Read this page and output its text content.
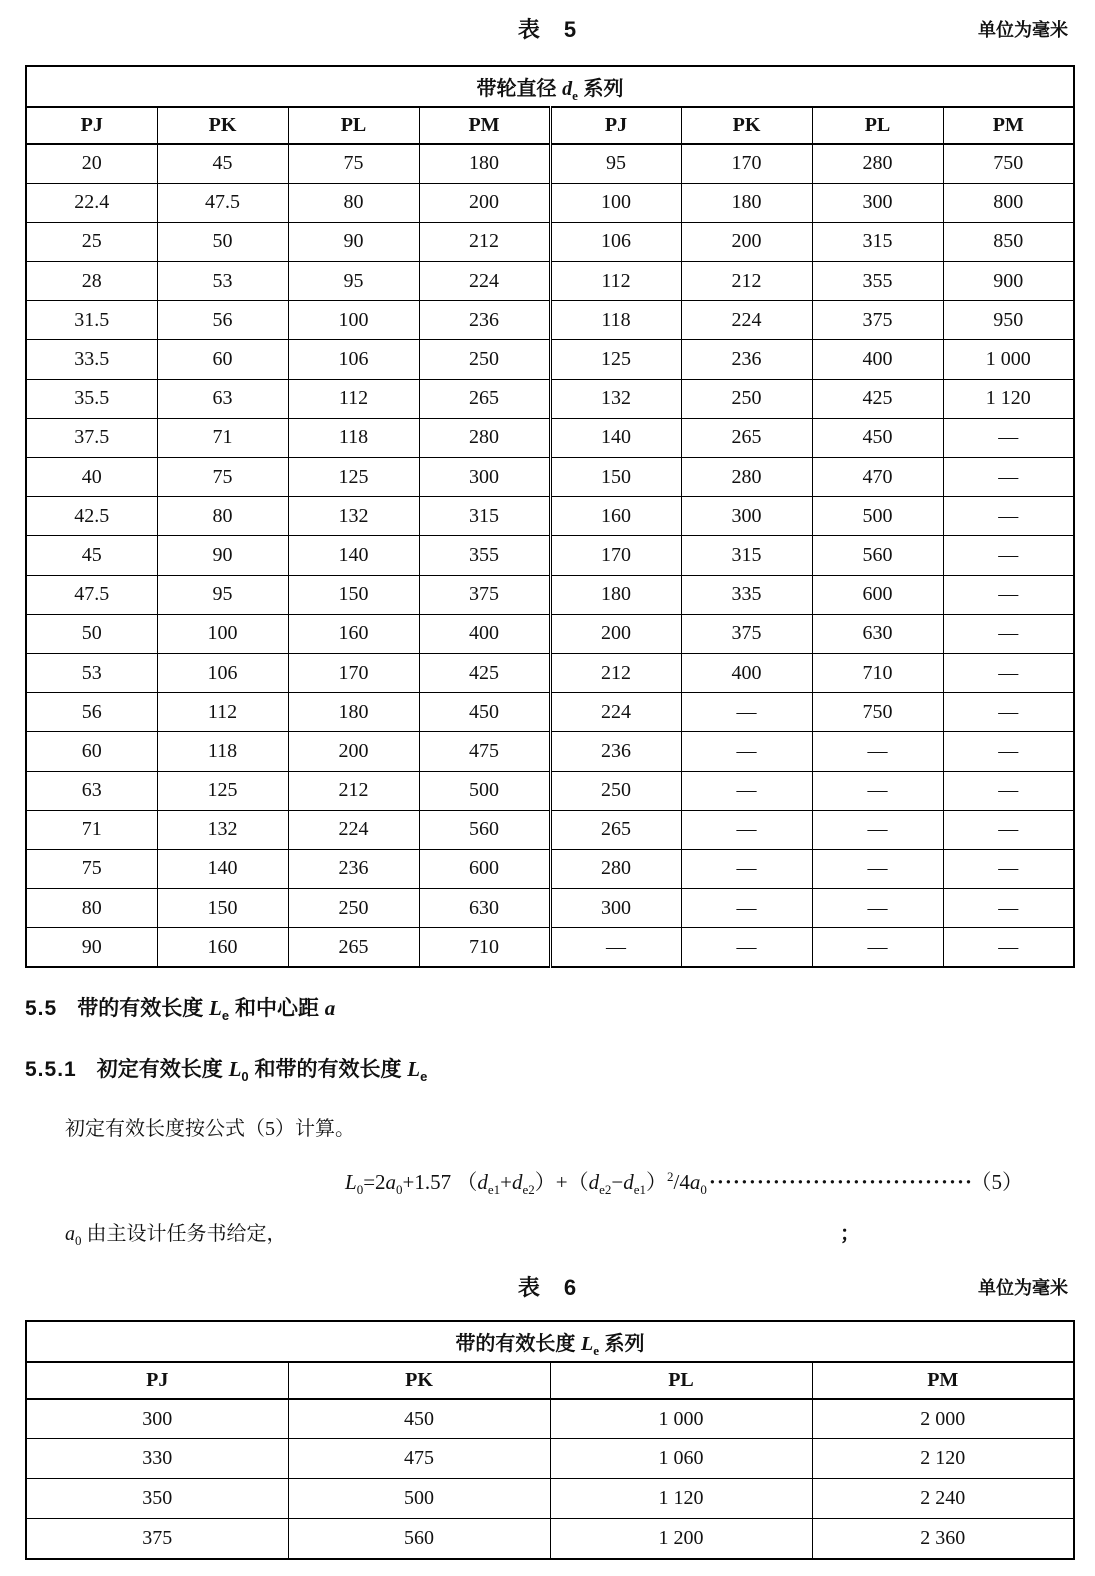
表　5	单位为毫米
带轮直径 $d_e$ 系列							
PJ	PK	PL	PM	PJ	PK	PL	PM
20	45	75	180	95	170	280	750
22.4	47.5	80	200	100	180	300	800
25	50	90	212	106	200	315	850
28	53	95	224	112	212	355	900
31.5	56	100	236	118	224	375	950
33.5	60	106	250	125	236	400	1 000
35.5	63	112	265	132	250	425	1 120
37.5	71	118	280	140	265	450	—
40	75	125	300	150	280	470	—
42.5	80	132	315	160	300	500	—
45	90	140	355	170	315	560	—
47.5	95	150	375	180	335	600	—
50	100	160	400	200	375	630	—
53	106	170	425	212	400	710	—
56	112	180	450	224	—	750	—
60	118	200	475	236	—	—	—
63	125	212	500	250	—	—	—
71	132	224	560	265	—	—	—
75	140	236	600	280	—	—	—
80	150	250	630	300	—	—	—
90	160	265	710	—	—	—	—
5.5 带的有效长度 $L_e$ 和中心距 a
5.5.1 初定有效长度 $L_0$ 和带的有效长度 $L_e$
初定有效长度按公式（5）计算。
$L_0=2a_0+1.57$ $(d_{e1}+d_{e2})+(d_{e2}-d_{e1})^2/4a_0\cdot\cdot\cdot\cdot\cdot\cdot\cdot\cdot\cdot\cdot\cdot\cdot\cdot\cdot\cdot\cdot\cdot\cdot\cdot\cdot\cdot\cdot\cdot\cdot\cdot\cdot\cdot\cdot\cdot\cdot\cdot\cdot\cdot (5)$
$a_0$ 由主设计任务书给定，	；
表　6	单位为毫米
带的有效长度 $L_e$ 系列			
PJ	PK	PL	PM
300	450	1 000	2 000
330	475	1 060	2 120
350	500	1 120	2 240
375	560	1 200	2 360
